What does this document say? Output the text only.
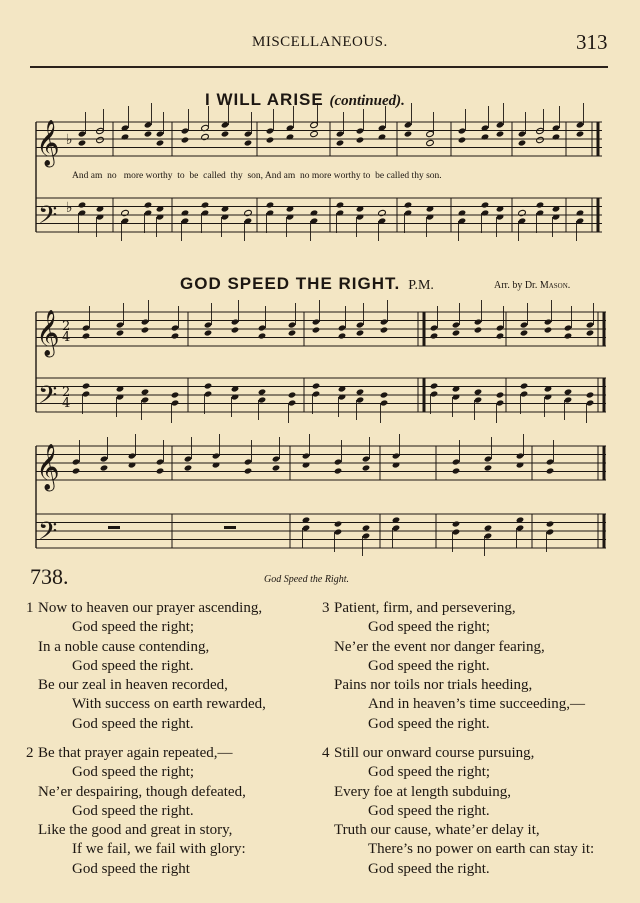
MISCELLANEOUS.	313
I WILL ARISE (continued).
And am  no   more worthy  to  be  called  thy  son, And am  no more worthy to  be called thy son.
GOD SPEED THE RIGHT. P.M.	Arr. by Dr. Mason.
𝄞
𝄢
♭
♭
𝄞
𝄢
2
4
2
4
𝄞
𝄢
738.	God Speed the Right.
1 Now to heaven our prayer ascending,
God speed the right;
In a noble cause contending,
God speed the right.
Be our zeal in heaven recorded,
With success on earth rewarded,
God speed the right.
3 Patient, firm, and persevering,
God speed the right;
Ne’er the event nor danger fearing,
God speed the right.
Pains nor toils nor trials heeding,
And in heaven’s time succeeding,—
God speed the right.
2 Be that prayer again repeated,—
God speed the right;
Ne’er despairing, though defeated,
God speed the right.
Like the good and great in story,
If we fail, we fail with glory:
God speed the right
4 Still our onward course pursuing,
God speed the right;
Every foe at length subduing,
God speed the right.
Truth our cause, whate’er delay it,
There’s no power on earth can stay it:
God speed the right.
